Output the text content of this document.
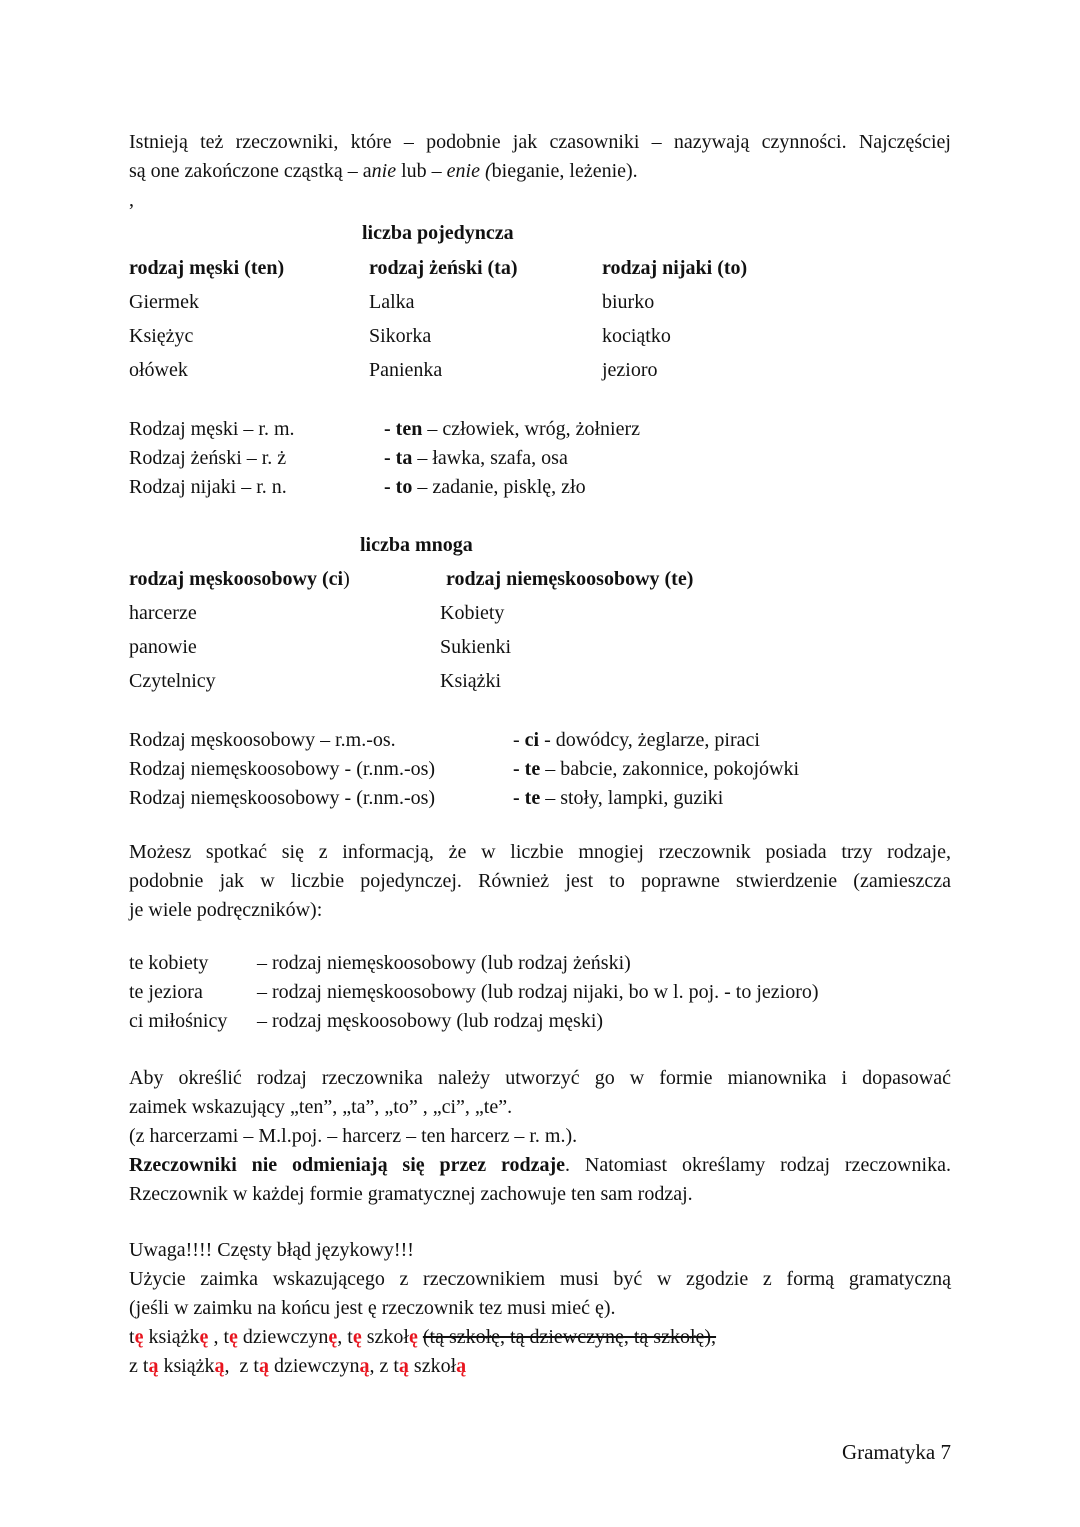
Istnieją też rzeczowniki, które – podobnie jak czasowniki – nazywają czynności. Najczęściej
są one zakończone cząstką – anie lub – enie (bieganie, leżenie).
,
liczba pojedyncza
rodzaj męski (ten)	rodzaj żeński (ta)	rodzaj nijaki (to)
Giermek	Lalka	biurko
Księżyc	Sikorka	kociątko
ołówek	Panienka	jezioro
Rodzaj męski – r. m.	- ten – człowiek, wróg, żołnierz
Rodzaj żeński – r. ż	- ta – ławka, szafa, osa
Rodzaj nijaki – r. n.	- to – zadanie, pisklę, zło
liczba mnoga
rodzaj męskoosobowy (ci)	rodzaj niemęskoosobowy (te)
harcerze	Kobiety
panowie	Sukienki
Czytelnicy	Książki
Rodzaj męskoosobowy – r.m.-os.	- ci - dowódcy, żeglarze, piraci
Rodzaj niemęskoosobowy - (r.nm.-os)	- te – babcie, zakonnice, pokojówki
Rodzaj niemęskoosobowy - (r.nm.-os)	- te – stoły, lampki, guziki
Możesz spotkać się z informacją, że w liczbie mnogiej rzeczownik posiada trzy rodzaje,
podobnie jak w liczbie pojedynczej. Również jest to poprawne stwierdzenie (zamieszcza
je wiele podręczników):
te kobiety – rodzaj niemęskoosobowy (lub rodzaj żeński)
te jeziora	– rodzaj niemęskoosobowy (lub rodzaj nijaki, bo w l. poj. - to jezioro)
ci miłośnicy – rodzaj męskoosobowy (lub rodzaj męski)
Aby określić rodzaj rzeczownika należy utworzyć go w formie mianownika i dopasować
zaimek wskazujący „ten”, „ta”, „to” , „ci”, „te”.
(z harcerzami – M.l.poj. – harcerz – ten harcerz – r. m.).
Rzeczowniki nie odmieniają się przez rodzaje. Natomiast określamy rodzaj rzeczownika.
Rzeczownik w każdej formie gramatycznej zachowuje ten sam rodzaj.
Uwaga!!!! Częsty błąd językowy!!!
Użycie zaimka wskazującego z rzeczownikiem musi być w zgodzie z formą gramatyczną
(jeśli w zaimku na końcu jest ę rzeczownik tez musi mieć ę).
tę książkę , tę dziewczynę, tę szkołę (tą szkołę, tą dziewczynę, tą szkołę),
z tą książką,  z tą dziewczyną, z tą szkołą
Gramatyka 7
